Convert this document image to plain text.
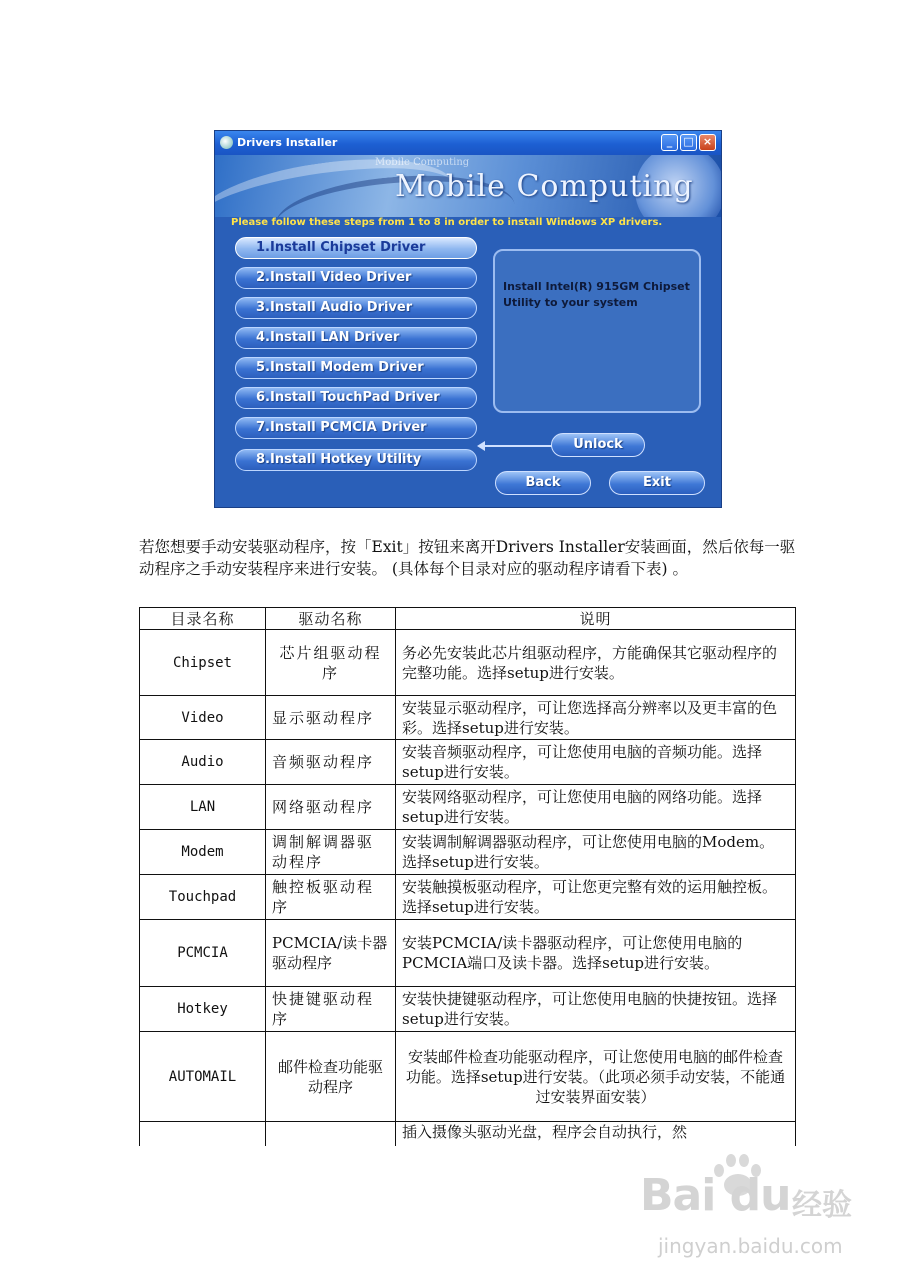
Drivers Installer	_	□ ×
Mobile Computing
Mobile Computing
Please follow these steps from 1 to 8 in order to install Windows XP drivers.
1.Install Chipset Driver
2.Install Video Driver
3.Install Audio Driver
4.Install LAN Driver
5.Install Modem Driver
6.Install TouchPad Driver
7.Install PCMCIA Driver
8.Install Hotkey Utility
Install Intel(R) 915GM Chipset Utility to your system
Unlock
Back	Exit
若您想要手动安装驱动程序，按「Exit」按钮来离开Drivers Installer安装画面，然后依每一驱动程序之手动安装程序来进行安装。 (具体每个目录对应的驱动程序请看下表) 。
目录名称	驱动名称	说明
Chipset	芯片组驱动程序	务必先安装此芯片组驱动程序，方能确保其它驱动程序的完整功能。选择setup进行安装。
Video	显示驱动程序	安装显示驱动程序，可让您选择高分辨率以及更丰富的色彩。选择setup进行安装。
Audio	音频驱动程序	安装音频驱动程序，可让您使用电脑的音频功能。选择setup进行安装。
LAN	网络驱动程序	安装网络驱动程序，可让您使用电脑的网络功能。选择setup进行安装。
Modem	调制解调器驱动程序	安装调制解调器驱动程序，可让您使用电脑的Modem。选择setup进行安装。
Touchpad	触控板驱动程序	安装触摸板驱动程序，可让您更完整有效的运用触控板。选择setup进行安装。
PCMCIA	PCMCIA/读卡器驱动程序	安装PCMCIA/读卡器驱动程序，可让您使用电脑的PCMCIA端口及读卡器。选择setup进行安装。
Hotkey	快捷键驱动程序	安装快捷键驱动程序，可让您使用电脑的快捷按钮。选择setup进行安装。
AUTOMAIL	邮件检查功能驱动程序	安装邮件检查功能驱动程序，可让您使用电脑的邮件检查功能。选择setup进行安装。（此项必须手动安装，不能通过安装界面安装）
		插入摄像头驱动光盘，程序会自动执行，然
Bai du 经验
jingyan.baidu.com
